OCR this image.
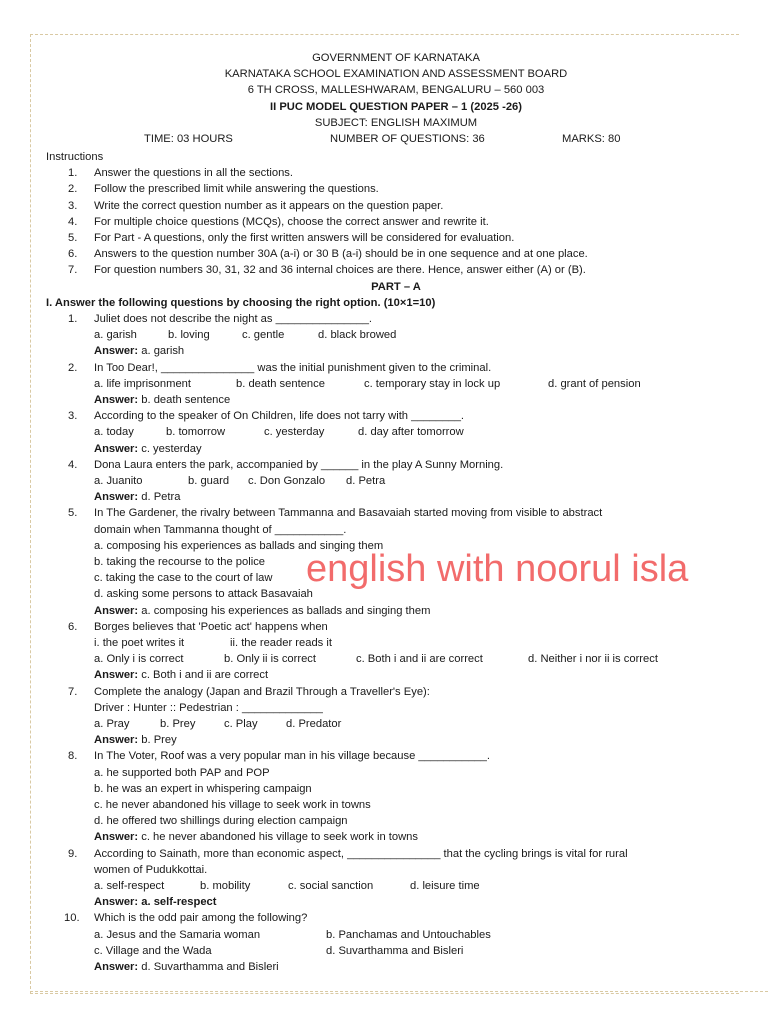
GOVERNMENT OF KARNATAKA
KARNATAKA SCHOOL EXAMINATION AND ASSESSMENT BOARD
6 TH CROSS, MALLESHWARAM, BENGALURU – 560 003
II PUC MODEL QUESTION PAPER – 1 (2025 -26)
SUBJECT: ENGLISH MAXIMUM
TIME: 03 HOURS	NUMBER OF QUESTIONS: 36	MARKS: 80
Instructions
1.	Answer the questions in all the sections.
2.	Follow the prescribed limit while answering the questions.
3.	Write the correct question number as it appears on the question paper.
4.	For multiple choice questions (MCQs), choose the correct answer and rewrite it.
5.	For Part - A questions, only the first written answers will be considered for evaluation.
6.	Answers to the question number 30A (a-i) or 30 B (a-i) should be in one sequence and at one place.
7.	For question numbers 30, 31, 32 and 36 internal choices are there. Hence, answer either (A) or (B).
PART – A
I. Answer the following questions by choosing the right option. (10×1=10)
1. Juliet does not describe the night as _______________.
a. garish	b. loving	c. gentle	d. black browed
Answer: a. garish
2. In Too Dear!, _______________ was the initial punishment given to the criminal.
a. life imprisonment	b. death sentence	c. temporary stay in lock up	d. grant of pension
Answer: b. death sentence
3. According to the speaker of On Children, life does not tarry with ________.
a. today	b. tomorrow	c. yesterday	d. day after tomorrow
Answer: c. yesterday
4. Dona Laura enters the park, accompanied by ______ in the play A Sunny Morning.
a. Juanito	b. guard c. Don Gonzalo d. Petra
Answer: d. Petra
5. In The Gardener, the rivalry between Tammanna and Basavaiah started moving from visible to abstract
domain when Tammanna thought of ___________.
a. composing his experiences as ballads and singing them
b. taking the recourse to the police
c. taking the case to the court of law
d. asking some persons to attack Basavaiah
Answer: a. composing his experiences as ballads and singing them
6. Borges believes that 'Poetic act' happens when
i. the poet writes it	ii. the reader reads it
a. Only i is correct	b. Only ii is correct	c. Both i and ii are correct	d. Neither i nor ii is correct
Answer: c. Both i and ii are correct
7. Complete the analogy (Japan and Brazil Through a Traveller's Eye):
Driver : Hunter :: Pedestrian : _____________
a. Pray	b. Prey	c. Play	d. Predator
Answer: b. Prey
8. In The Voter, Roof was a very popular man in his village because ___________.
a. he supported both PAP and POP
b. he was an expert in whispering campaign
c. he never abandoned his village to seek work in towns
d. he offered two shillings during election campaign
Answer: c. he never abandoned his village to seek work in towns
9. According to Sainath, more than economic aspect, _______________ that the cycling brings is vital for rural
women of Pudukkottai.
a. self-respect	b. mobility	c. social sanction	d. leisure time
Answer: a. self-respect
10. Which is the odd pair among the following?
a. Jesus and the Samaria woman	b. Panchamas and Untouchables
c. Village and the Wada	d. Suvarthamma and Bisleri
Answer: d. Suvarthamma and Bisleri
english with noorul isla
